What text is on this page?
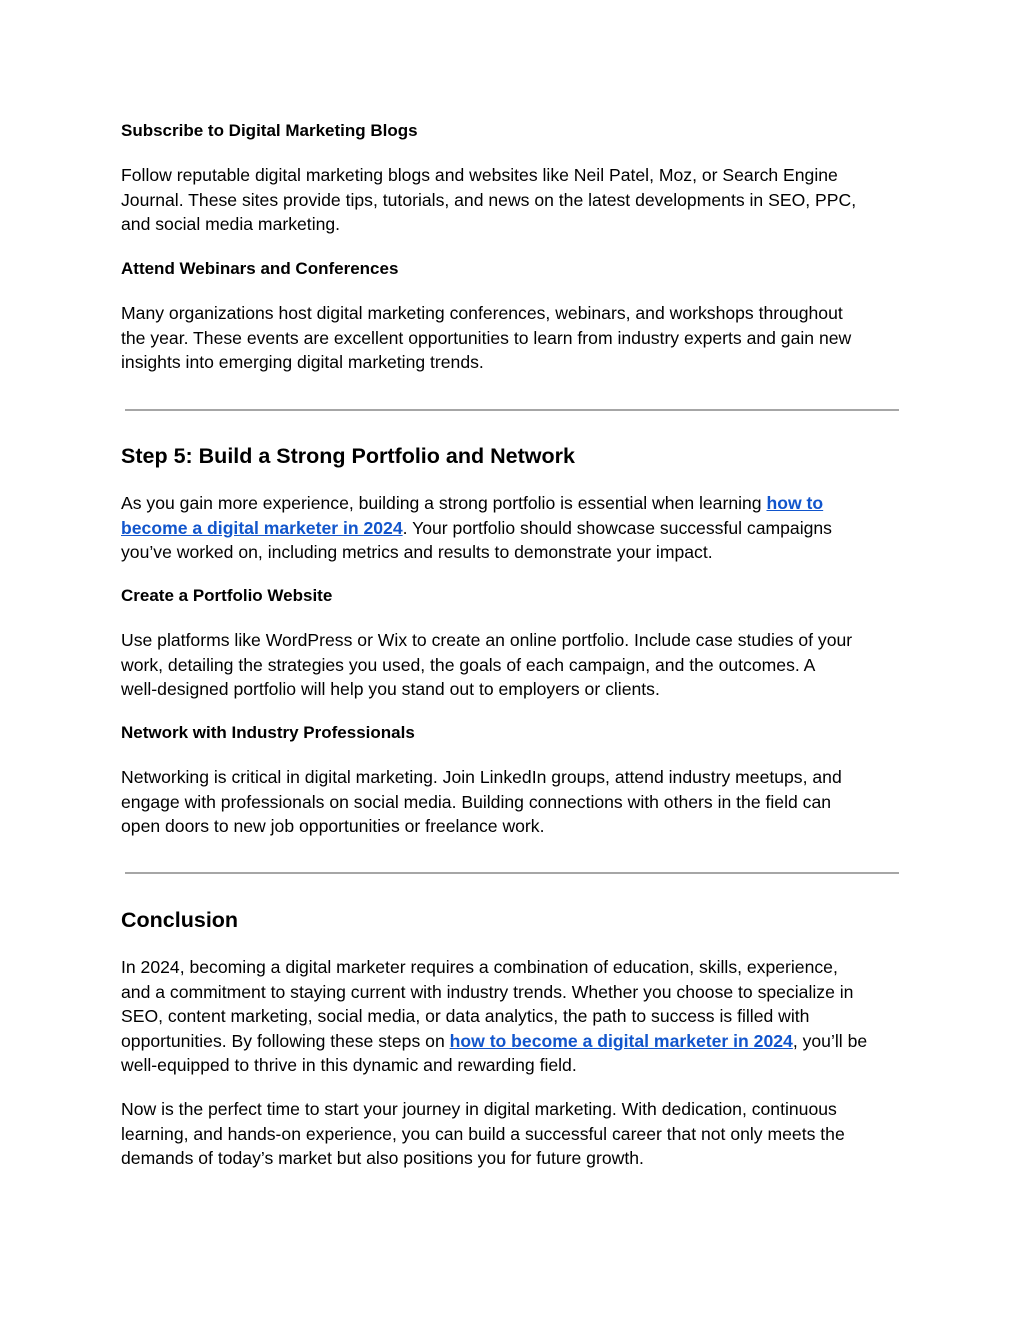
Subscribe to Digital Marketing Blogs

Follow reputable digital marketing blogs and websites like Neil Patel, Moz, or Search Engine
Journal. These sites provide tips, tutorials, and news on the latest developments in SEO, PPC,
and social media marketing.

Attend Webinars and Conferences

Many organizations host digital marketing conferences, webinars, and workshops throughout
the year. These events are excellent opportunities to learn from industry experts and gain new
insights into emerging digital marketing trends.

Step 5: Build a Strong Portfolio and Network

As you gain more experience, building a strong portfolio is essential when learning how to
become a digital marketer in 2024. Your portfolio should showcase successful campaigns
you’ve worked on, including metrics and results to demonstrate your impact.

Create a Portfolio Website

Use platforms like WordPress or Wix to create an online portfolio. Include case studies of your
work, detailing the strategies you used, the goals of each campaign, and the outcomes. A
well-designed portfolio will help you stand out to employers or clients.

Network with Industry Professionals

Networking is critical in digital marketing. Join LinkedIn groups, attend industry meetups, and
engage with professionals on social media. Building connections with others in the field can
open doors to new job opportunities or freelance work.

Conclusion

In 2024, becoming a digital marketer requires a combination of education, skills, experience,
and a commitment to staying current with industry trends. Whether you choose to specialize in
SEO, content marketing, social media, or data analytics, the path to success is filled with
opportunities. By following these steps on how to become a digital marketer in 2024, you’ll be
well-equipped to thrive in this dynamic and rewarding field.

Now is the perfect time to start your journey in digital marketing. With dedication, continuous
learning, and hands-on experience, you can build a successful career that not only meets the
demands of today’s market but also positions you for future growth.
